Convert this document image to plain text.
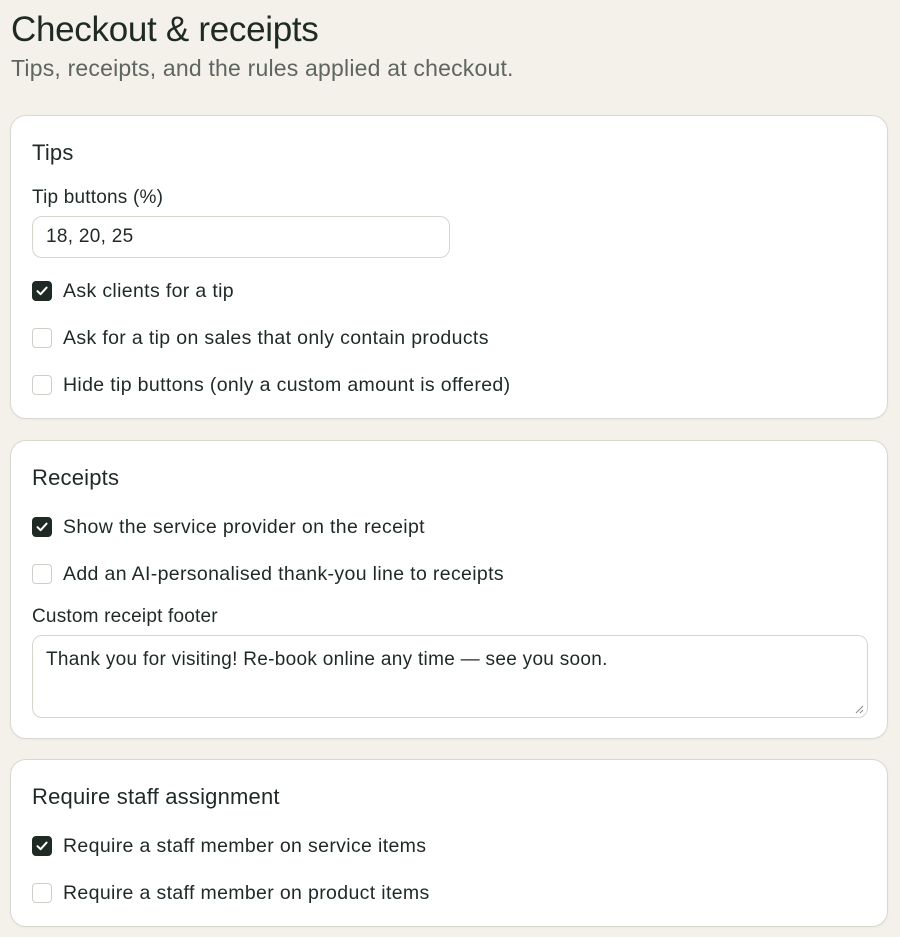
Checkout & receipts
Tips, receipts, and the rules applied at checkout.
Tips
Tip buttons (%)
18, 20, 25
Ask clients for a tip
Ask for a tip on sales that only contain products
Hide tip buttons (only a custom amount is offered)
Receipts
Show the service provider on the receipt
Add an AI-personalised thank-you line to receipts
Custom receipt footer
Thank you for visiting! Re-book online any time — see you soon.
Require staff assignment
Require a staff member on service items
Require a staff member on product items
